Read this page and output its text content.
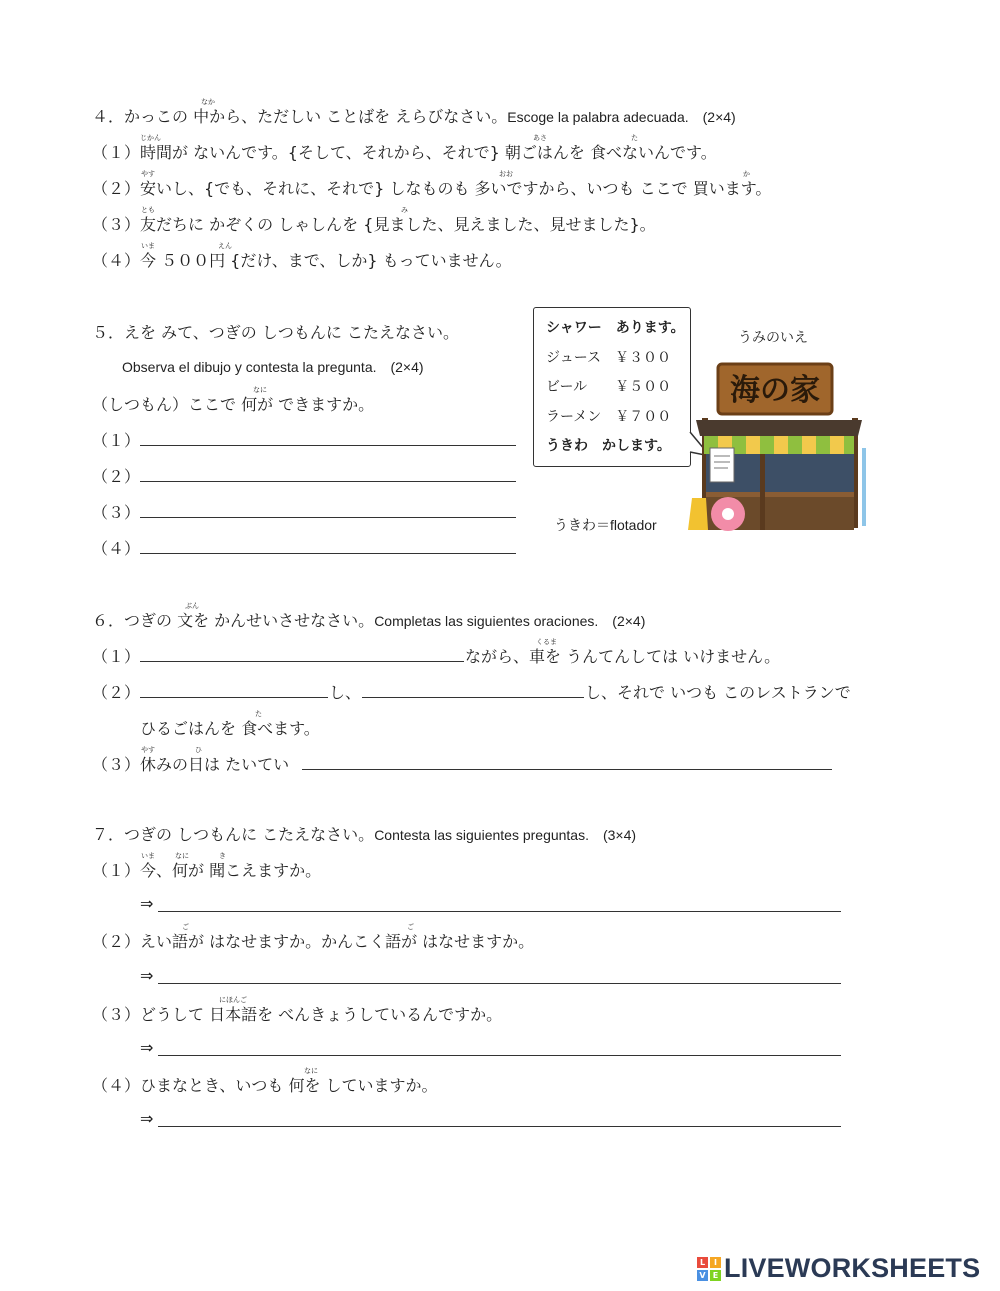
４．かっこの 中から、ただしい ことばを えらびなさい。Escoge la palabra adecuada.　(2×4)
（１）時間が ないんです。{そして、それから、それで} 朝ごはんを 食べないんです。
（２）安いし、{でも、それに、それで} しなものも 多いですから、いつも ここで 買います。
（３）友だちに かぞくの しゃしんを {見ました、見えました、見せました}。
（４）今 ５００円 {だけ、まで、しか} もっていません。
なか
じかん	あさ	た
やす	おお	か
とも	み
いま	えん
５．えを みて、つぎの しつもんに こたえなさい。
Observa el dibujo y contesta la pregunta.　(2×4)
なに
（しつもん）ここで 何が できますか。
（１）
（２）
（３）
（４）
シャワー　あります。
ジュース　￥３００
ビール　　￥５００
ラーメン　￥７００
うきわ　かします。
うみのいえ
海の家
うきわ＝flotador
６．つぎの 文を かんせいさせなさい。Completas las siguientes oraciones.　(2×4)
ぶん
（１）
くるま
ながら、車を うんてんしては いけません。
（２）	し、	し、それで いつも このレストランで
た
ひるごはんを 食べます。
やす	ひ
（３）休みの日は たいてい
７．つぎの しつもんに こたえなさい。Contesta las siguientes preguntas.　(3×4)
いま	なに	き
（１）今、何が 聞こえますか。
⇒
ご	ご
（２）えい語が はなせますか。かんこく語が はなせますか。
⇒
にほんご
（３）どうして 日本語を べんきょうしているんですか。
⇒
なに
（４）ひまなとき、いつも 何を していますか。
⇒
L	I
V E LIVEWORKSHEETS
